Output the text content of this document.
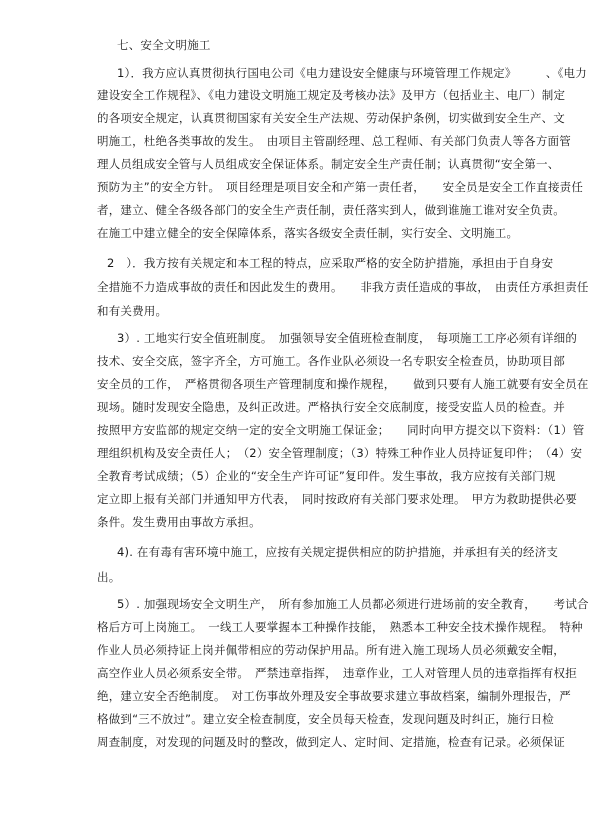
七、安全文明施工
1）．我方应认真贯彻执行国电公司《电力建设安全健康与环境管理工作规定》　　　、《电力
建设安全工作规程》、《电力建设文明施工规定及考核办法》及甲方（包括业主、电厂）制定
的各项安全规定，认真贯彻国家有关安全生产法规、劳动保护条例，切实做到安全生产、文
明施工，杜绝各类事故的发生。　由项目主管副经理、总工程师、有关部门负责人等各方面管
理人员组成安全管与人员组成安全保证体系。制定安全生产责任制；认真贯彻“安全第一、
预防为主”的安全方针。　项目经理是项目安全和产第一责任者，　　安全员是安全工作直接责任
者，建立、健全各级各部门的安全生产责任制，责任落实到人，做到谁施工谁对安全负责。
在施工中建立健全的安全保障体系，落实各级安全责任制，实行安全、文明施工。
2　）．我方按有关规定和本工程的特点，应采取严格的安全防护措施，承担由于自身安
全措施不力造成事故的责任和因此发生的费用。　　非我方责任造成的事故，　由责任方承担责任
和有关费用。
3）. 工地实行安全值班制度。　加强领导安全值班检查制度，　每项施工工序必须有详细的
技术、安全交底，签字齐全，方可施工。各作业队必须设一名专职安全检查员，协助项目部
安全员的工作，　严格贯彻各项生产管理制度和操作规程，　　做到只要有人施工就要有安全员在
现场。随时发现安全隐患，及纠正改进。严格执行安全交底制度，接受安监人员的检查。并
按照甲方安监部的规定交纳一定的安全文明施工保证金；　　同时向甲方提交以下资料：（1）管
理组织机构及安全责任人；　（2）安全管理制度；（3）特殊工种作业人员持证复印件；　（4）安
全教育考试成绩；（5）企业的“安全生产许可证”复印件。发生事故，我方应按有关部门规
定立即上报有关部门并通知甲方代表，　同时按政府有关部门要求处理。　甲方为救助提供必要
条件。发生费用由事故方承担。
4). 在有毒有害环境中施工，应按有关规定提供相应的防护措施，并承担有关的经济支
出。
5）. 加强现场安全文明生产，　所有参加施工人员都必须进行进场前的安全教育，　　考试合
格后方可上岗施工。　一线工人要掌握本工种操作技能，　熟悉本工种安全技术操作规程。　特种
作业人员必须持证上岗并佩带相应的劳动保护用品。所有进入施工现场人员必须戴安全帽，
高空作业人员必须系安全带。　严禁违章指挥，　违章作业，工人对管理人员的违章指挥有权拒
绝，建立安全否绝制度。　对工伤事故外理及安全事故要求建立事故档案，编制外理报告，严
格做到“三不放过”。建立安全检查制度，安全员每天检查，发现问题及时纠正，施行日检
周查制度，对发现的问题及时的整改，做到定人、定时间、定措施，检查有记录。必须保证
